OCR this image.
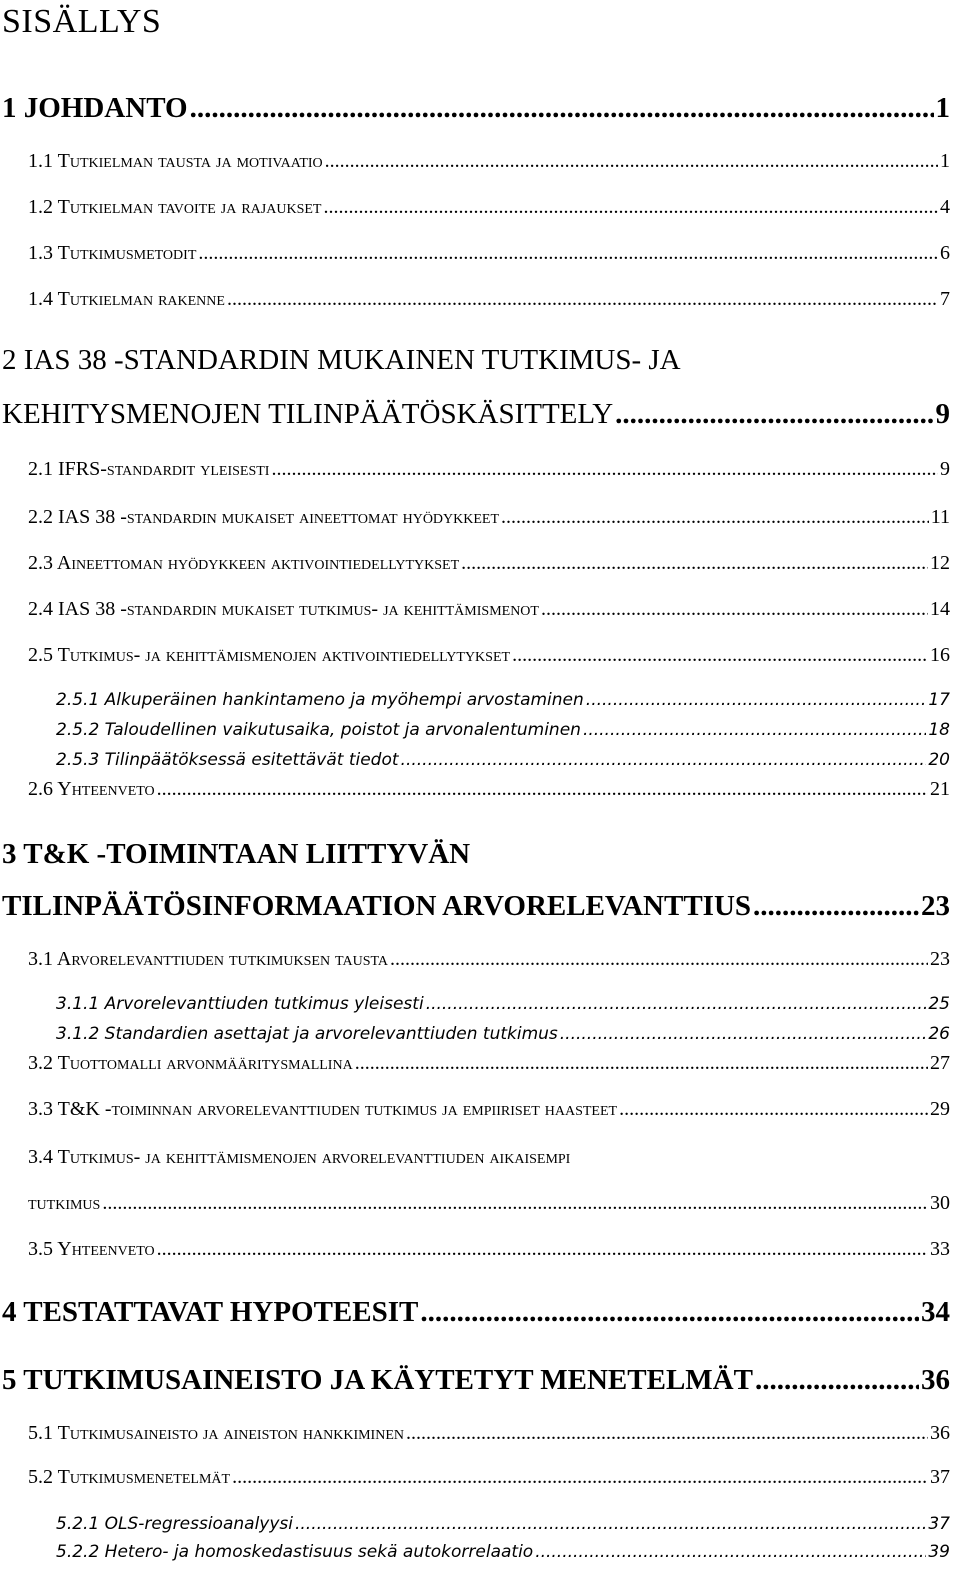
SISÄLLYS
1 JOHDANTO .....	1
1.1 Tutkielman tausta ja motivaatio .....	1
1.2 Tutkielman tavoite ja rajaukset .....	4
1.3 Tutkimusmetodit .....	6
1.4 Tutkielman rakenne .....	7
2 IAS 38 -STANDARDIN MUKAINEN TUTKIMUS- JA
KEHITYSMENOJEN TILINPÄÄTÖSKÄSITTELY .....	9
2.1 IFRS-standardit yleisesti .....	9
2.2 IAS 38 -standardin mukaiset aineettomat hyödykkeet .....	11
2.3 Aineettoman hyödykkeen aktivointiedellytykset .....	12
2.4 IAS 38 -standardin mukaiset tutkimus- ja kehittämismenot .....	14
2.5 Tutkimus- ja kehittämismenojen aktivointiedellytykset .....	16
2.5.1 Alkuperäinen hankintameno ja myöhempi arvostaminen .....	17
2.5.2 Taloudellinen vaikutusaika, poistot ja arvonalentuminen .....	18
2.5.3 Tilinpäätöksessä esitettävät tiedot .....	20
2.6 Yhteenveto .....	21
3 T&K -TOIMINTAAN LIITTYVÄN
TILINPÄÄTÖSINFORMAATION ARVORELEVANTTIUS .....	23
3.1 Arvorelevanttiuden tutkimuksen tausta .....	23
3.1.1 Arvorelevanttiuden tutkimus yleisesti .....	25
3.1.2 Standardien asettajat ja arvorelevanttiuden tutkimus .....	26
3.2 Tuottomalli arvonmääritysmallina .....	27
3.3 T&K -toiminnan arvorelevanttiuden tutkimus ja empiiriset haasteet .....	29
3.4 Tutkimus- ja kehittämismenojen arvorelevanttiuden aikaisempi
tutkimus .....	30
3.5 Yhteenveto .....	33
4 TESTATTAVAT HYPOTEESIT .....	34
5 TUTKIMUSAINEISTO JA KÄYTETYT MENETELMÄT .....	36
5.1 Tutkimusaineisto ja aineiston hankkiminen .....	36
5.2 Tutkimusmenetelmät .....	37
5.2.1 OLS-regressioanalyysi .....	37
5.2.2 Hetero- ja homoskedastisuus sekä autokorrelaatio .....	39
